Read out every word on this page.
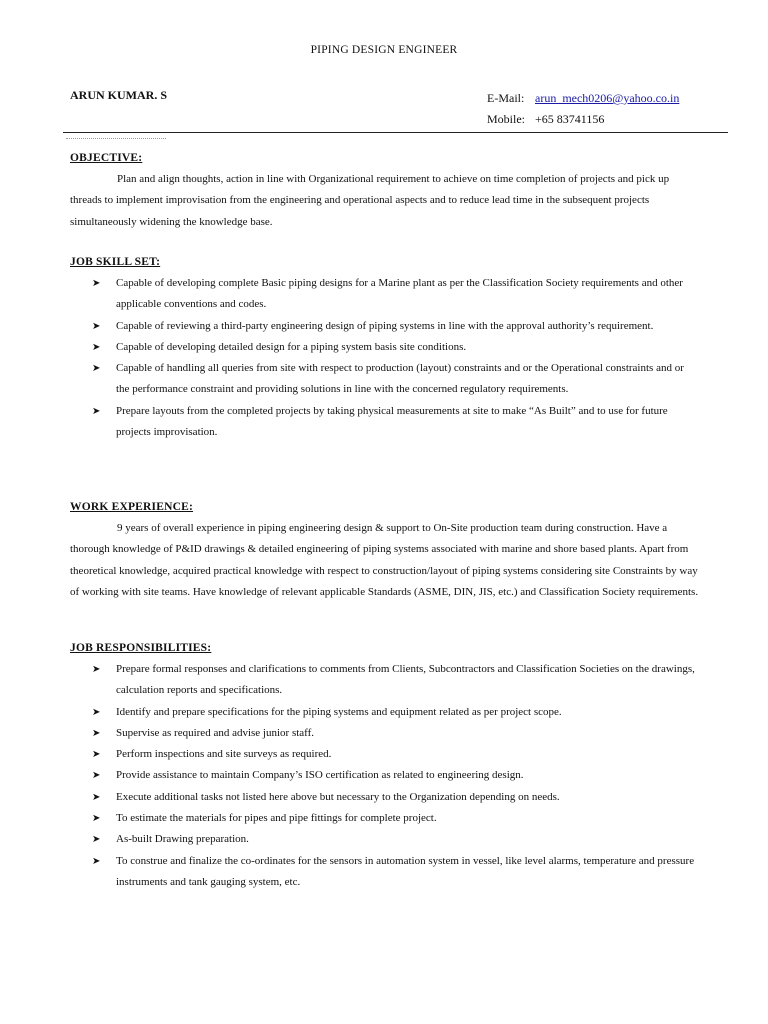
PIPING DESIGN ENGINEER
ARUN KUMAR. S	E-Mail: arun_mech0206@yahoo.co.in
Mobile: +65 83741156

OBJECTIVE:

Plan and align thoughts, action in line with Organizational requirement to achieve on time completion of projects and pick up threads to implement improvisation from the engineering and operational aspects and to reduce lead time in the subsequent projects simultaneously widening the knowledge base.

JOB SKILL SET:

➤ Capable of developing complete Basic piping designs for a Marine plant as per the Classification Society requirements and other applicable conventions and codes.
➤ Capable of reviewing a third-party engineering design of piping systems in line with the approval authority’s requirement.
➤ Capable of developing detailed design for a piping system basis site conditions.
➤ Capable of handling all queries from site with respect to production (layout) constraints and or the Operational constraints and or the performance constraint and providing solutions in line with the concerned regulatory requirements.
➤ Prepare layouts from the completed projects by taking physical measurements at site to make “As Built” and to use for future projects improvisation.

WORK EXPERIENCE:

9 years of overall experience in piping engineering design & support to On-Site production team during construction. Have a thorough knowledge of P&ID drawings & detailed engineering of piping systems associated with marine and shore based plants. Apart from theoretical knowledge, acquired practical knowledge with respect to construction/layout of piping systems considering site Constraints by way of working with site teams. Have knowledge of relevant applicable Standards (ASME, DIN, JIS, etc.) and Classification Society requirements.

JOB RESPONSIBILITIES:

➤ Prepare formal responses and clarifications to comments from Clients, Subcontractors and Classification Societies on the drawings, calculation reports and specifications.
➤ Identify and prepare specifications for the piping systems and equipment related as per project scope.
➤ Supervise as required and advise junior staff.
➤ Perform inspections and site surveys as required.
➤ Provide assistance to maintain Company’s ISO certification as related to engineering design.
➤ Execute additional tasks not listed here above but necessary to the Organization depending on needs.
➤ To estimate the materials for pipes and pipe fittings for complete project.
➤ As-built Drawing preparation.
➤ To construe and finalize the co-ordinates for the sensors in automation system in vessel, like level alarms, temperature and pressure instruments and tank gauging system, etc.
